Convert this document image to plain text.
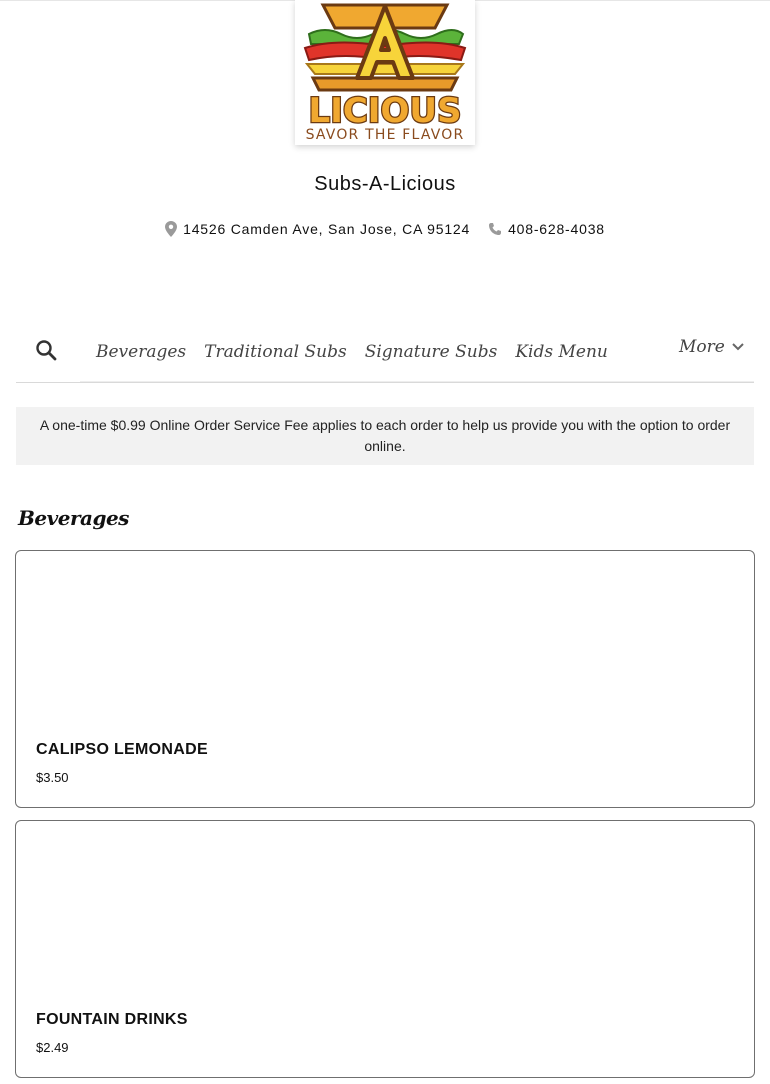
LICIOUS
SAVOR THE FLAVOR
Subs-A-Licious
14526 Camden Ave, San Jose, CA 95124	408-628-4038
Beverages Traditional Subs Signature Subs Kids Menu	More
A one-time $0.99 Online Order Service Fee applies to each order to help us provide you with the option to order online.
Beverages
CALIPSO LEMONADE
$3.50
FOUNTAIN DRINKS
$2.49
